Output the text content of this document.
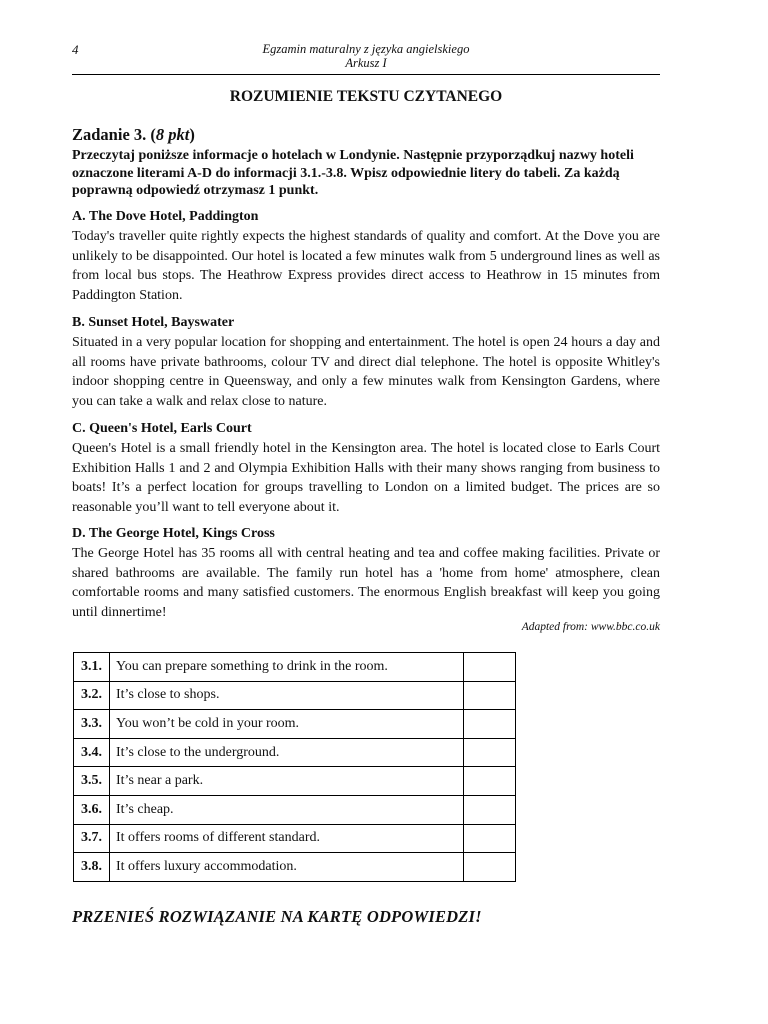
4	Egzamin maturalny z języka angielskiego
Arkusz I
ROZUMIENIE TEKSTU CZYTANEGO
Zadanie 3. (8 pkt)
Przeczytaj poniższe informacje o hotelach w Londynie. Następnie przyporządkuj nazwy hoteli oznaczone literami A-D do informacji 3.1.-3.8. Wpisz odpowiednie litery do tabeli. Za każdą poprawną odpowiedź otrzymasz 1 punkt.
A. The Dove Hotel, Paddington

Today's traveller quite rightly expects the highest standards of quality and comfort. At the Dove you are unlikely to be disappointed. Our hotel is located a few minutes walk from 5 underground lines as well as from local bus stops. The Heathrow Express provides direct access to Heathrow in 15 minutes from Paddington Station.

B. Sunset Hotel, Bayswater

Situated in a very popular location for shopping and entertainment. The hotel is open 24 hours a day and all rooms have private bathrooms, colour TV and direct dial telephone. The hotel is opposite Whitley's indoor shopping centre in Queensway, and only a few minutes walk from Kensington Gardens, where you can take a walk and relax close to nature.

C. Queen's Hotel, Earls Court

Queen's Hotel is a small friendly hotel in the Kensington area. The hotel is located close to Earls Court Exhibition Halls 1 and 2 and Olympia Exhibition Halls with their many shows ranging from business to boats! It’s a perfect location for groups travelling to London on a limited budget. The prices are so reasonable you’ll want to tell everyone about it.

D. The George Hotel, Kings Cross

The George Hotel has 35 rooms all with central heating and tea and coffee making facilities. Private or shared bathrooms are available. The family run hotel has a 'home from home' atmosphere, clean comfortable rooms and many satisfied customers. The enormous English breakfast will keep you going until dinnertime!

Adapted from: www.bbc.co.uk
3.1.	You can prepare something to drink in the room.	
3.2.	It’s close to shops.	
3.3.	You won’t be cold in your room.	
3.4.	It’s close to the underground.	
3.5.	It’s near a park.	
3.6.	It’s cheap.	
3.7.	It offers rooms of different standard.	
3.8.	It offers luxury accommodation.	
PRZENIEŚ ROZWIĄZANIE NA KARTĘ ODPOWIEDZI!
